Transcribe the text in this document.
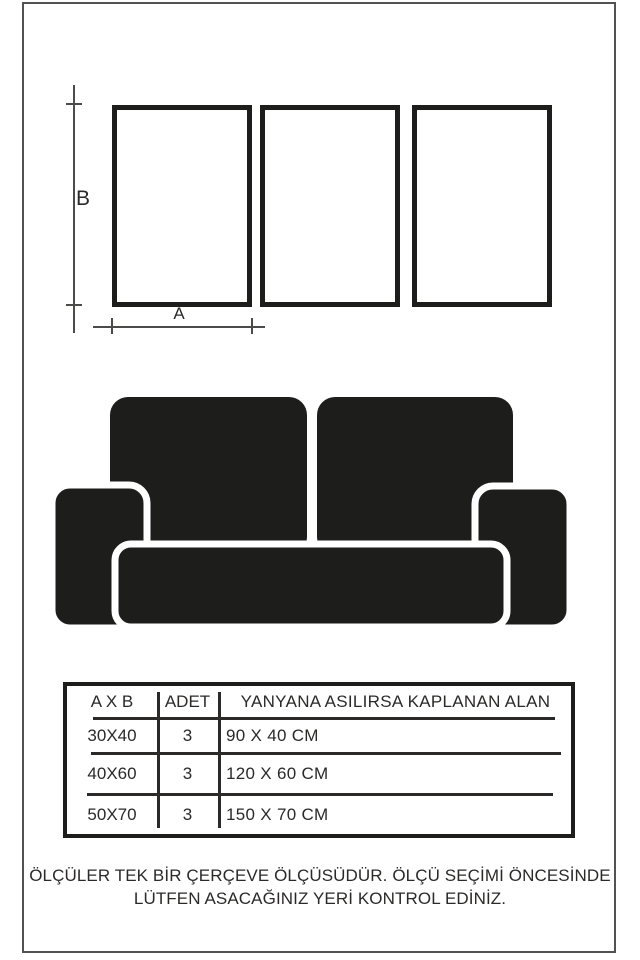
B
A
A X B	ADET	YANYANA ASILIRSA KAPLANAN ALAN
30X40	3	90 X 40 CM
40X60	3	120 X 60 CM
50X70	3	150 X 70 CM
ÖLÇÜLER TEK BİR ÇERÇEVE ÖLÇÜSÜDÜR. ÖLÇÜ SEÇİMİ ÖNCESİNDE
LÜTFEN ASACAĞINIZ YERİ KONTROL EDİNİZ.
